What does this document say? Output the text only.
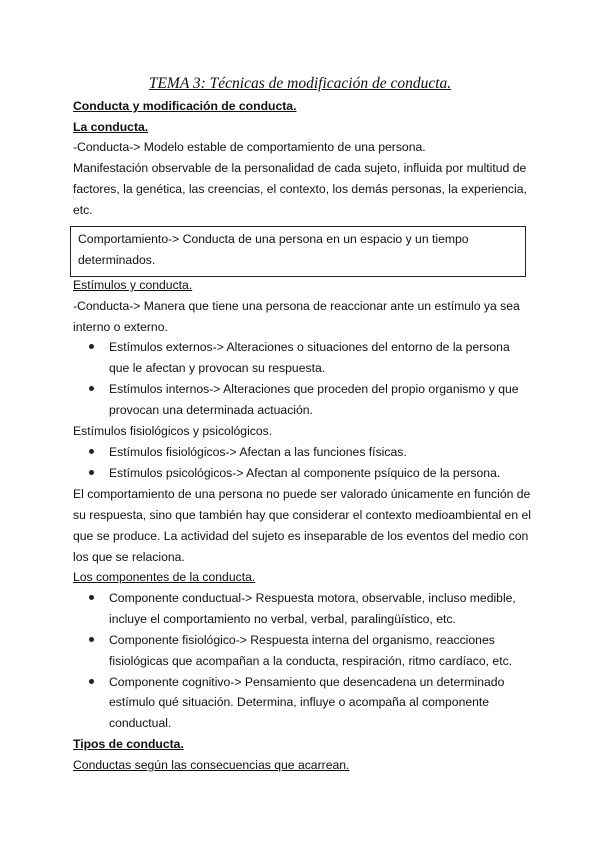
TEMA 3: Técnicas de modificación de conducta.
Conducta y modificación de conducta.
La conducta.
-Conducta-> Modelo estable de comportamiento de una persona.
Manifestación observable de la personalidad de cada sujeto, influida por multitud de
factores, la genética, las creencias, el contexto, los demás personas, la experiencia,
etc.
Comportamiento-> Conducta de una persona en un espacio y un tiempo
determinados.
Estímulos y conducta.
-Conducta-> Manera que tiene una persona de reaccionar ante un estímulo ya sea
interno o externo.
Estímulos externos-> Alteraciones o situaciones del entorno de la persona
que le afectan y provocan su respuesta.
Estímulos internos-> Alteraciones que proceden del propio organismo y que
provocan una determinada actuación.
Estímulos fisiológicos y psicológicos.
Estímulos fisiológicos-> Afectan a las funciones físicas.
Estímulos psicológicos-> Afectan al componente psíquico de la persona.
El comportamiento de una persona no puede ser valorado únicamente en función de
su respuesta, sino que también hay que considerar el contexto medioambiental en el
que se produce. La actividad del sujeto es inseparable de los eventos del medio con
los que se relaciona.
Los componentes de la conducta.
Componente conductual-> Respuesta motora, observable, incluso medible,
incluye el comportamiento no verbal, verbal, paralingüístico, etc.
Componente fisiológico-> Respuesta interna del organismo, reacciones
fisiológicas que acompañan a la conducta, respiración, ritmo cardíaco, etc.
Componente cognitivo-> Pensamiento que desencadena un determinado
estímulo qué situación. Determina, influye o acompaña al componente
conductual.
Tipos de conducta.
Conductas según las consecuencias que acarrean.
